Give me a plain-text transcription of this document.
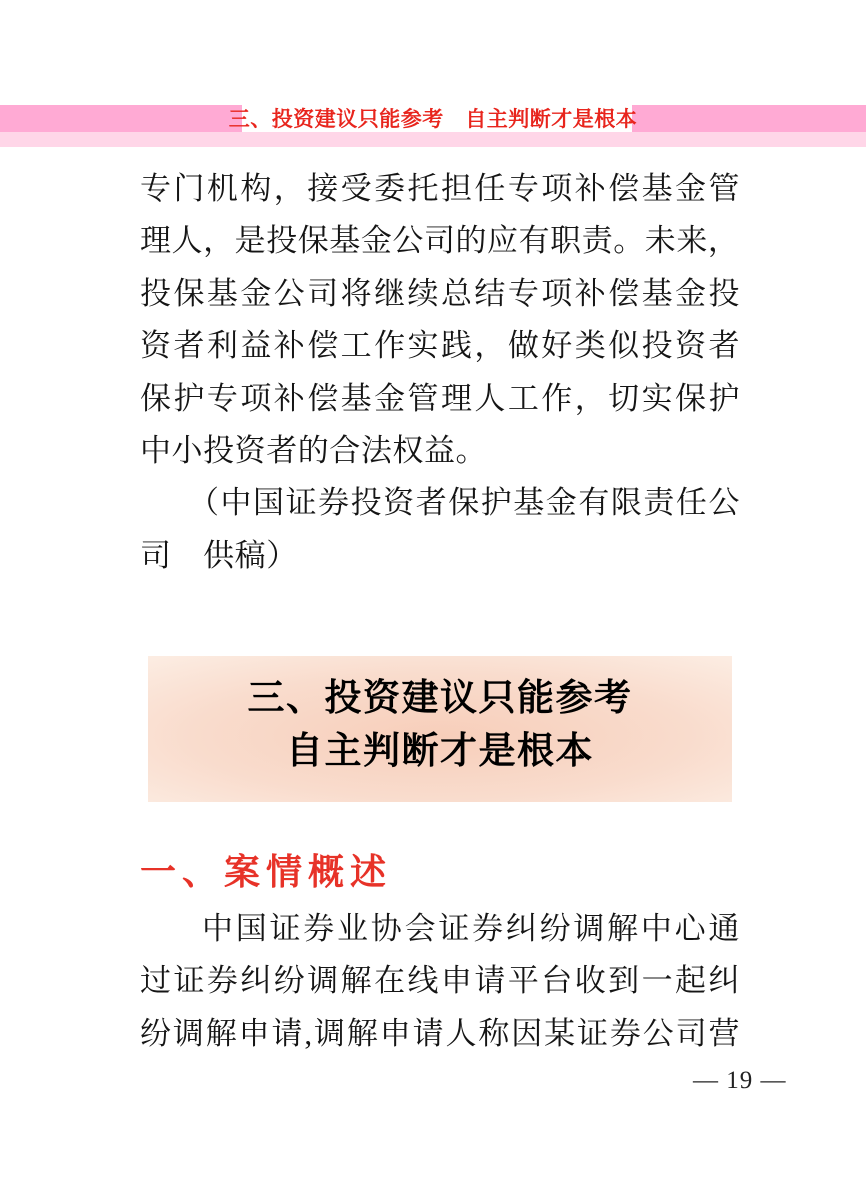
三、投资建议只能参考　自主判断才是根本
专门机构，接受委托担任专项补偿基金管
理人，是投保基金公司的应有职责。未来，
投保基金公司将继续总结专项补偿基金投
资者利益补偿工作实践，做好类似投资者
保护专项补偿基金管理人工作，切实保护
中小投资者的合法权益。
（中国证券投资者保护基金有限责任公
司　供稿）
三、投资建议只能参考
自主判断才是根本
一、案情概述
中国证券业协会证券纠纷调解中心通
过证券纠纷调解在线申请平台收到一起纠
纷调解申请,调解申请人称因某证券公司营
— 19 —
